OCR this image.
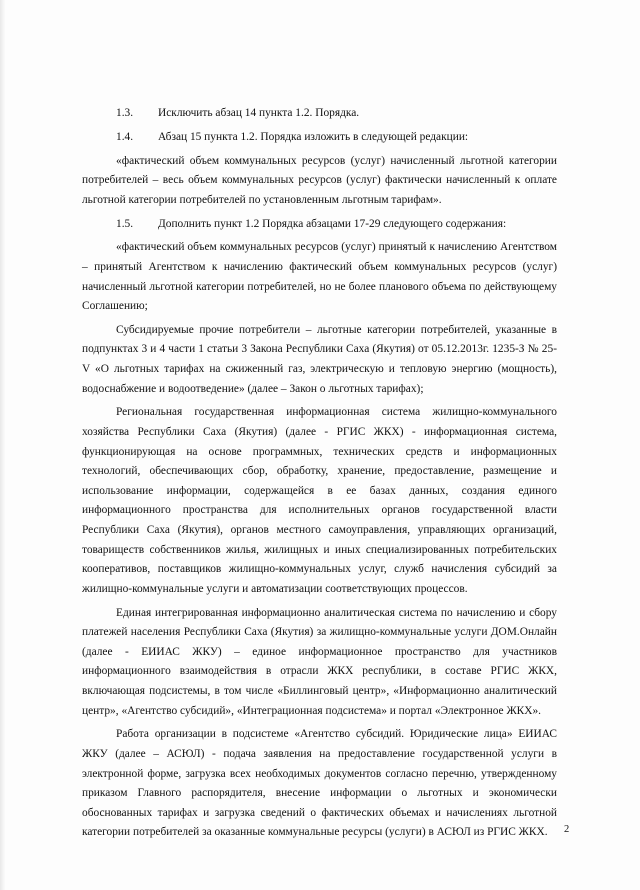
1.3. Исключить абзац 14 пункта 1.2. Порядка.

1.4. Абзац 15 пункта 1.2. Порядка изложить в следующей редакции:

«фактический объем коммунальных ресурсов (услуг) начисленный льготной категории потребителей – весь объем коммунальных ресурсов (услуг) фактически начисленный к оплате льготной категории потребителей по установленным льготным тарифам».

1.5. Дополнить пункт 1.2 Порядка абзацами 17-29 следующего содержания:

«фактический объем коммунальных ресурсов (услуг) принятый к начислению Агентством – принятый Агентством к начислению фактический объем коммунальных ресурсов (услуг) начисленный льготной категории потребителей, но не более планового объема по действующему Соглашению;

Субсидируемые прочие потребители – льготные категории потребителей, указанные в подпунктах 3 и 4 части 1 статьи 3 Закона Республики Саха (Якутия) от 05.12.2013г. 1235-З № 25-V «О льготных тарифах на сжиженный газ, электрическую и тепловую энергию (мощность), водоснабжение и водоотведение» (далее – Закон о льготных тарифах);

Региональная государственная информационная система жилищно-коммунального хозяйства Республики Саха (Якутия) (далее - РГИС ЖКХ) - информационная система, функционирующая на основе программных, технических средств и информационных технологий, обеспечивающих сбор, обработку, хранение, предоставление, размещение и использование информации, содержащейся в ее базах данных, создания единого информационного пространства для исполнительных органов государственной власти Республики Саха (Якутия), органов местного самоуправления, управляющих организаций, товариществ собственников жилья, жилищных и иных специализированных потребительских кооперативов, поставщиков жилищно-коммунальных услуг, служб начисления субсидий за жилищно-коммунальные услуги и автоматизации соответствующих процессов.

Единая интегрированная информационно аналитическая система по начислению и сбору платежей населения Республики Саха (Якутия) за жилищно-коммунальные услуги ДОМ.Онлайн (далее - ЕИИАС ЖКУ) – единое информационное пространство для участников информационного взаимодействия в отрасли ЖКХ республики, в составе РГИС ЖКХ, включающая подсистемы, в том числе «Биллинговый центр», «Информационно аналитический центр», «Агентство субсидий», «Интеграционная подсистема» и портал «Электронное ЖКХ».

Работа организации в подсистеме «Агентство субсидий. Юридические лица» ЕИИАС ЖКУ (далее – АСЮЛ) - подача заявления на предоставление государственной услуги в электронной форме, загрузка всех необходимых документов согласно перечню, утвержденному приказом Главного распорядителя, внесение информации о льготных и экономически обоснованных тарифах и загрузка сведений о фактических объемах и начислениях льготной категории потребителей за оказанные коммунальные ресурсы (услуги) в АСЮЛ из РГИС ЖКХ.	2
